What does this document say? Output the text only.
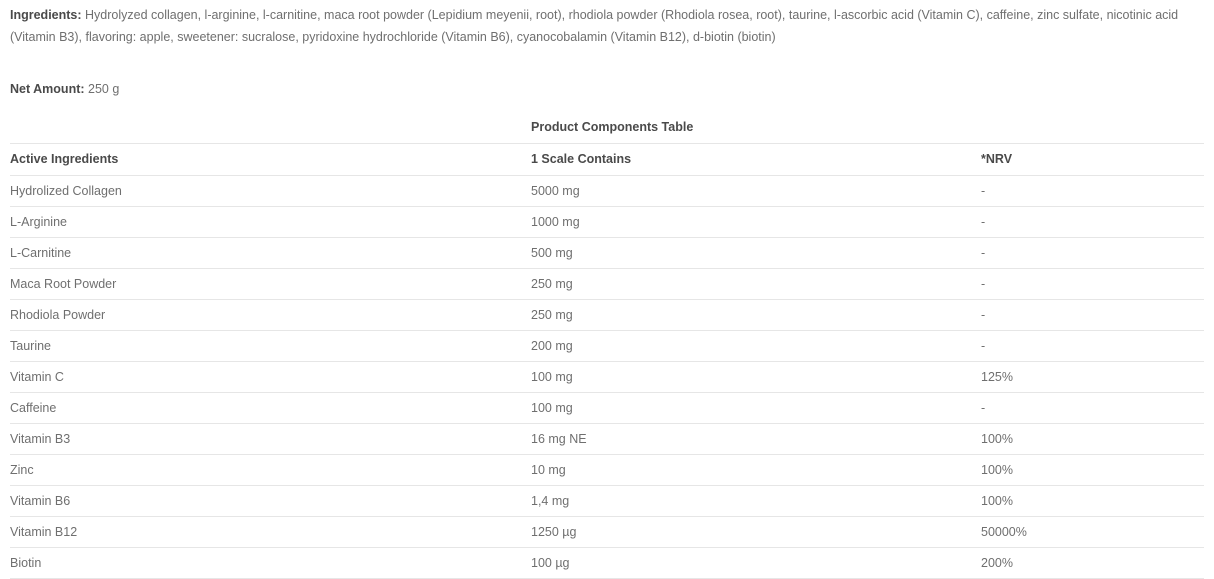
Ingredients: Hydrolyzed collagen, l-arginine, l-carnitine, maca root powder (Lepidium meyenii, root), rhodiola powder (Rhodiola rosea, root), taurine, l-ascorbic acid (Vitamin C), caffeine, zinc sulfate, nicotinic acid (Vitamin B3), flavoring: apple, sweetener: sucralose, pyridoxine hydrochloride (Vitamin B6), cyanocobalamin (Vitamin B12), d-biotin (biotin)
Net Amount: 250 g
	Product Components Table	
Active Ingredients	1 Scale Contains	*NRV
Hydrolized Collagen	5000 mg	-
L-Arginine	1000 mg	-
L-Carnitine	500 mg	-
Maca Root Powder	250 mg	-
Rhodiola Powder	250 mg	-
Taurine	200 mg	-
Vitamin C	100 mg	125%
Caffeine	100 mg	-
Vitamin B3	16 mg NE	100%
Zinc	10 mg	100%
Vitamin B6	1,4 mg	100%
Vitamin B12	1250 µg	50000%
Biotin	100 µg	200%
